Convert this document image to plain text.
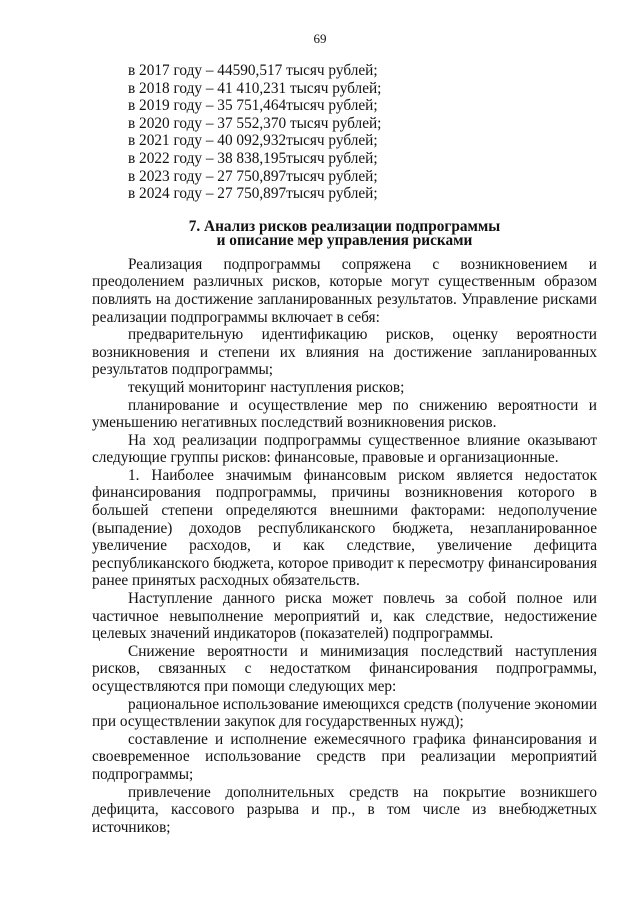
69

в 2017 году – 44590,517 тысяч рублей;

в 2018 году – 41 410,231 тысяч рублей;

в 2019 году – 35 751,464тысяч рублей;

в 2020 году – 37 552,370 тысяч рублей;

в 2021 году – 40 092,932тысяч рублей;

в 2022 году – 38 838,195тысяч рублей;

в 2023 году – 27 750,897тысяч рублей;

в 2024 году – 27 750,897тысяч рублей;

7. Анализ рисков реализации подпрограммы
и описание мер управления рисками

Реализация подпрограммы сопряжена с возникновением и преодолением различных рисков, которые могут существенным образом повлиять на достижение запланированных результатов. Управление рисками реализации подпрограммы включает в себя:

предварительную идентификацию рисков, оценку вероятности возникновения и степени их влияния на достижение запланированных результатов подпрограммы;

текущий мониторинг наступления рисков;

планирование и осуществление мер по снижению вероятности и уменьшению негативных последствий возникновения рисков.

На ход реализации подпрограммы существенное влияние оказывают следующие группы рисков: финансовые, правовые и организационные.

1. Наиболее значимым финансовым риском является недостаток финансирования подпрограммы, причины возникновения которого в большей степени определяются внешними факторами: недополучение (выпадение) доходов республиканского бюджета, незапланированное увеличение расходов, и как следствие, увеличение дефицита республиканского бюджета, которое приводит к пересмотру финансирования ранее принятых расходных обязательств.

Наступление данного риска может повлечь за собой полное или частичное невыполнение мероприятий и, как следствие, недостижение целевых значений индикаторов (показателей) подпрограммы.

Снижение вероятности и минимизация последствий наступления рисков, связанных с недостатком финансирования подпрограммы, осуществляются при помощи следующих мер:

рациональное использование имеющихся средств (получение экономии при осуществлении закупок для государственных нужд);

составление и исполнение ежемесячного графика финансирования и своевременное использование средств при реализации мероприятий подпрограммы;

привлечение дополнительных средств на покрытие возникшего дефицита, кассового разрыва и пр., в том числе из внебюджетных источников;
